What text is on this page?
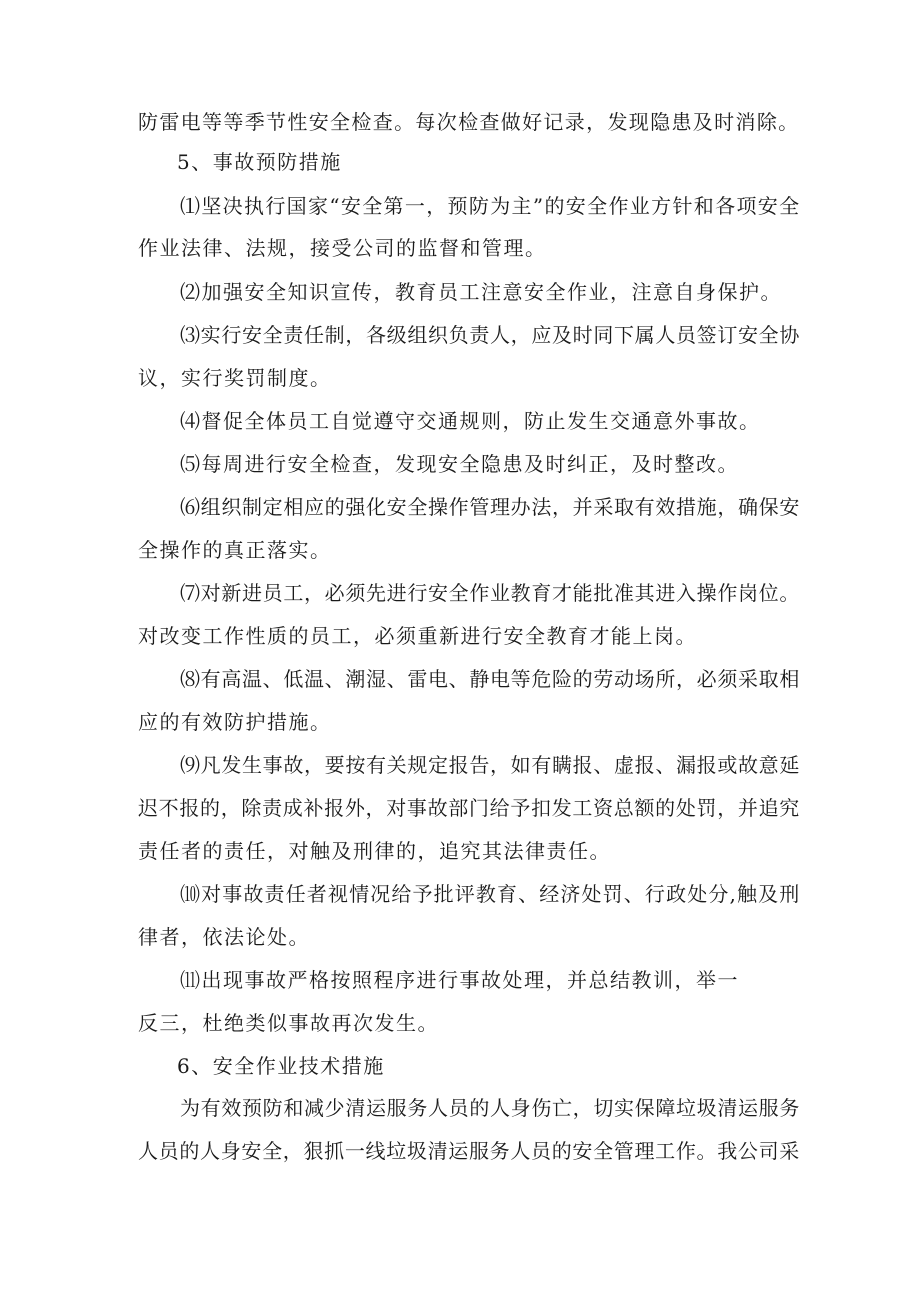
防雷电等等季节性安全检查。每次检查做好记录，发现隐患及时消除。
5、事故预防措施
⑴坚决执行国家“安全第一，预防为主”的安全作业方针和各项安全
作业法律、法规，接受公司的监督和管理。
⑵加强安全知识宣传，教育员工注意安全作业，注意自身保护。
⑶实行安全责任制，各级组织负责人，应及时同下属人员签订安全协
议，实行奖罚制度。
⑷督促全体员工自觉遵守交通规则，防止发生交通意外事故。
⑸每周进行安全检查，发现安全隐患及时纠正，及时整改。
⑹组织制定相应的强化安全操作管理办法，并采取有效措施，确保安
全操作的真正落实。
⑺对新进员工，必须先进行安全作业教育才能批准其进入操作岗位。
对改变工作性质的员工，必须重新进行安全教育才能上岗。
⑻有高温、低温、潮湿、雷电、静电等危险的劳动场所，必须采取相
应的有效防护措施。
⑼凡发生事故，要按有关规定报告，如有瞒报、虚报、漏报或故意延
迟不报的，除责成补报外，对事故部门给予扣发工资总额的处罚，并追究
责任者的责任，对触及刑律的，追究其法律责任。
⑽对事故责任者视情况给予批评教育、经济处罚、行政处分,触及刑
律者，依法论处。
⑾出现事故严格按照程序进行事故处理，并总结教训，举一
反三，杜绝类似事故再次发生。
6、安全作业技术措施
为有效预防和减少清运服务人员的人身伤亡，切实保障垃圾清运服务
人员的人身安全，狠抓一线垃圾清运服务人员的安全管理工作。我公司采
